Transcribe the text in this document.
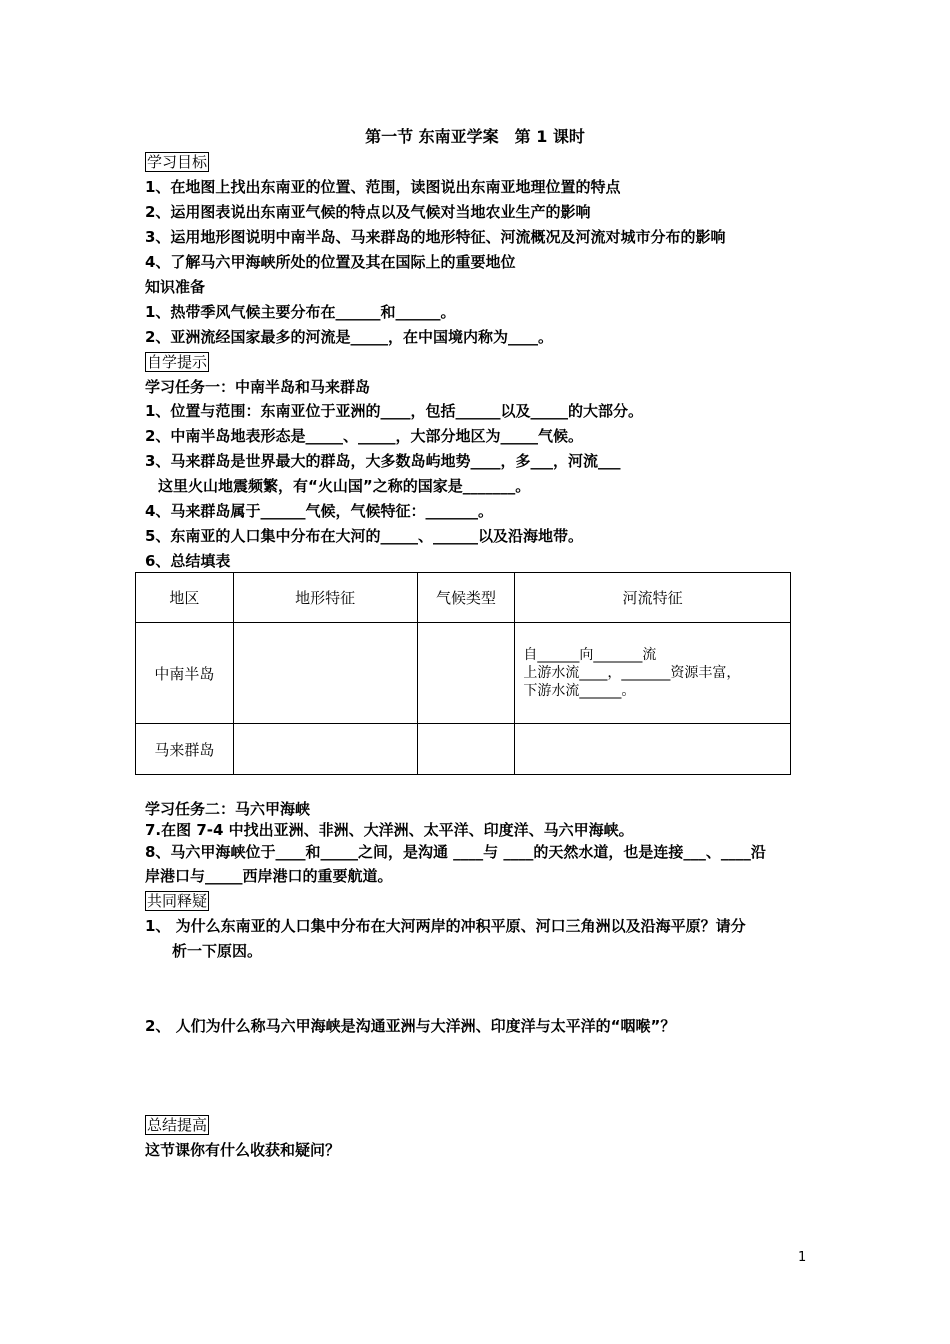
第一节 东南亚学案　第 1 课时
学习目标
1、在地图上找出东南亚的位置、范围，读图说出东南亚地理位置的特点
2、运用图表说出东南亚气候的特点以及气候对当地农业生产的影响
3、运用地形图说明中南半岛、马来群岛的地形特征、河流概况及河流对城市分布的影响
4、了解马六甲海峡所处的位置及其在国际上的重要地位
知识准备
1、热带季风气候主要分布在______和______。
2、亚洲流经国家最多的河流是_____，在中国境内称为____。
自学提示
学习任务一：中南半岛和马来群岛
1、位置与范围：东南亚位于亚洲的____，包括______以及_____的大部分。
2、中南半岛地表形态是_____、_____，大部分地区为_____气候。
3、马来群岛是世界最大的群岛，大多数岛屿地势____，多___，河流___
这里火山地震频繁，有“火山国”之称的国家是_______。
4、马来群岛属于______气候，气候特征：_______。
5、东南亚的人口集中分布在大河的_____、______以及沿海地带。
6、总结填表
地区	地形特征	气候类型	河流特征
中南半岛			自______向_______流
上游水流____，_______资源丰富，
下游水流______。

马来群岛			
学习任务二：马六甲海峡
7.在图 7-4 中找出亚洲、非洲、大洋洲、太平洋、印度洋、马六甲海峡。
8、马六甲海峡位于____和_____之间，是沟通 ____与 ____的天然水道，也是连接___、____沿
岸港口与_____西岸港口的重要航道。
共同释疑
1、 为什么东南亚的人口集中分布在大河两岸的冲积平原、河口三角洲以及沿海平原？请分
析一下原因。
2、 人们为什么称马六甲海峡是沟通亚洲与大洋洲、印度洋与太平洋的“咽喉”？
总结提高
这节课你有什么收获和疑问？
1
